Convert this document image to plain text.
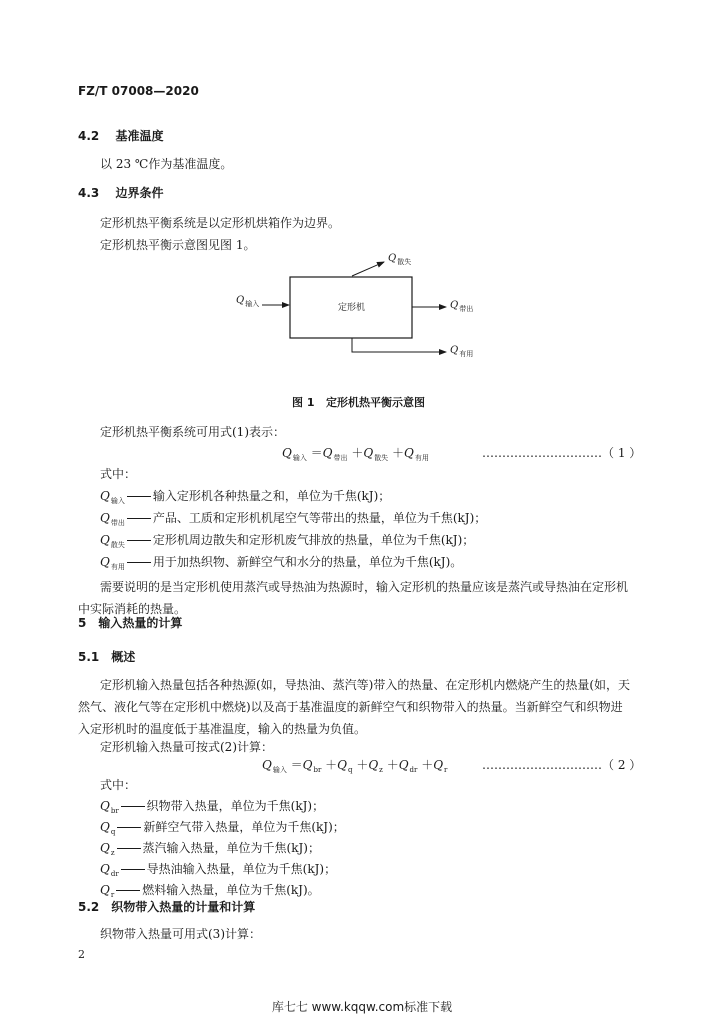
FZ/T 07008—2020
4.2 基准温度
以 23 ℃作为基准温度。
4.3 边界条件
定形机热平衡系统是以定形机烘箱作为边界。
定形机热平衡示意图见图 1。
定形机
$Q_{输入}$
$Q_{散失}$
$Q_{带出}$
$Q_{有用}$
图 1   定形机热平衡示意图
定形机热平衡系统可用式(1)表示：
$Q_{输入} =Q_{带出} +Q_{散失} +Q_{有用}$	…………………………（ 1 ）
式中：
$Q_{输入}$ 输入定形机各种热量之和，单位为千焦(kJ)；
$Q_{带出}$ 产品、工质和定形机机尾空气等带出的热量，单位为千焦(kJ)；
$Q_{散失}$ 定形机周边散失和定形机废气排放的热量，单位为千焦(kJ)；
$Q_{有用}$ 用于加热织物、新鲜空气和水分的热量，单位为千焦(kJ)。
需要说明的是当定形机使用蒸汽或导热油为热源时，输入定形机的热量应该是蒸汽或导热油在定形机中实际消耗的热量。
5 输入热量的计算
5.1 概述
定形机输入热量包括各种热源(如，导热油、蒸汽等)带入的热量、在定形机内燃烧产生的热量(如，天然气、液化气等在定形机中燃烧)以及高于基准温度的新鲜空气和织物带入的热量。当新鲜空气和织物进入定形机时的温度低于基准温度，输入的热量为负值。
定形机输入热量可按式(2)计算：
$Q_{输入} =Q_{br} +Q_q +Q_z +Q_{dr} +Q_r$	…………………………（ 2 ）
式中：
$Q_{br}$ 织物带入热量，单位为千焦(kJ)；
$Q_q$ 新鲜空气带入热量，单位为千焦(kJ)；
$Q_z$ 蒸汽输入热量，单位为千焦(kJ)；
$Q_{dr}$ 导热油输入热量，单位为千焦(kJ)；
$Q_r$ 燃料输入热量，单位为千焦(kJ)。
5.2 织物带入热量的计量和计算
织物带入热量可用式(3)计算：
2
库七七 www.kqqw.com标准下载
